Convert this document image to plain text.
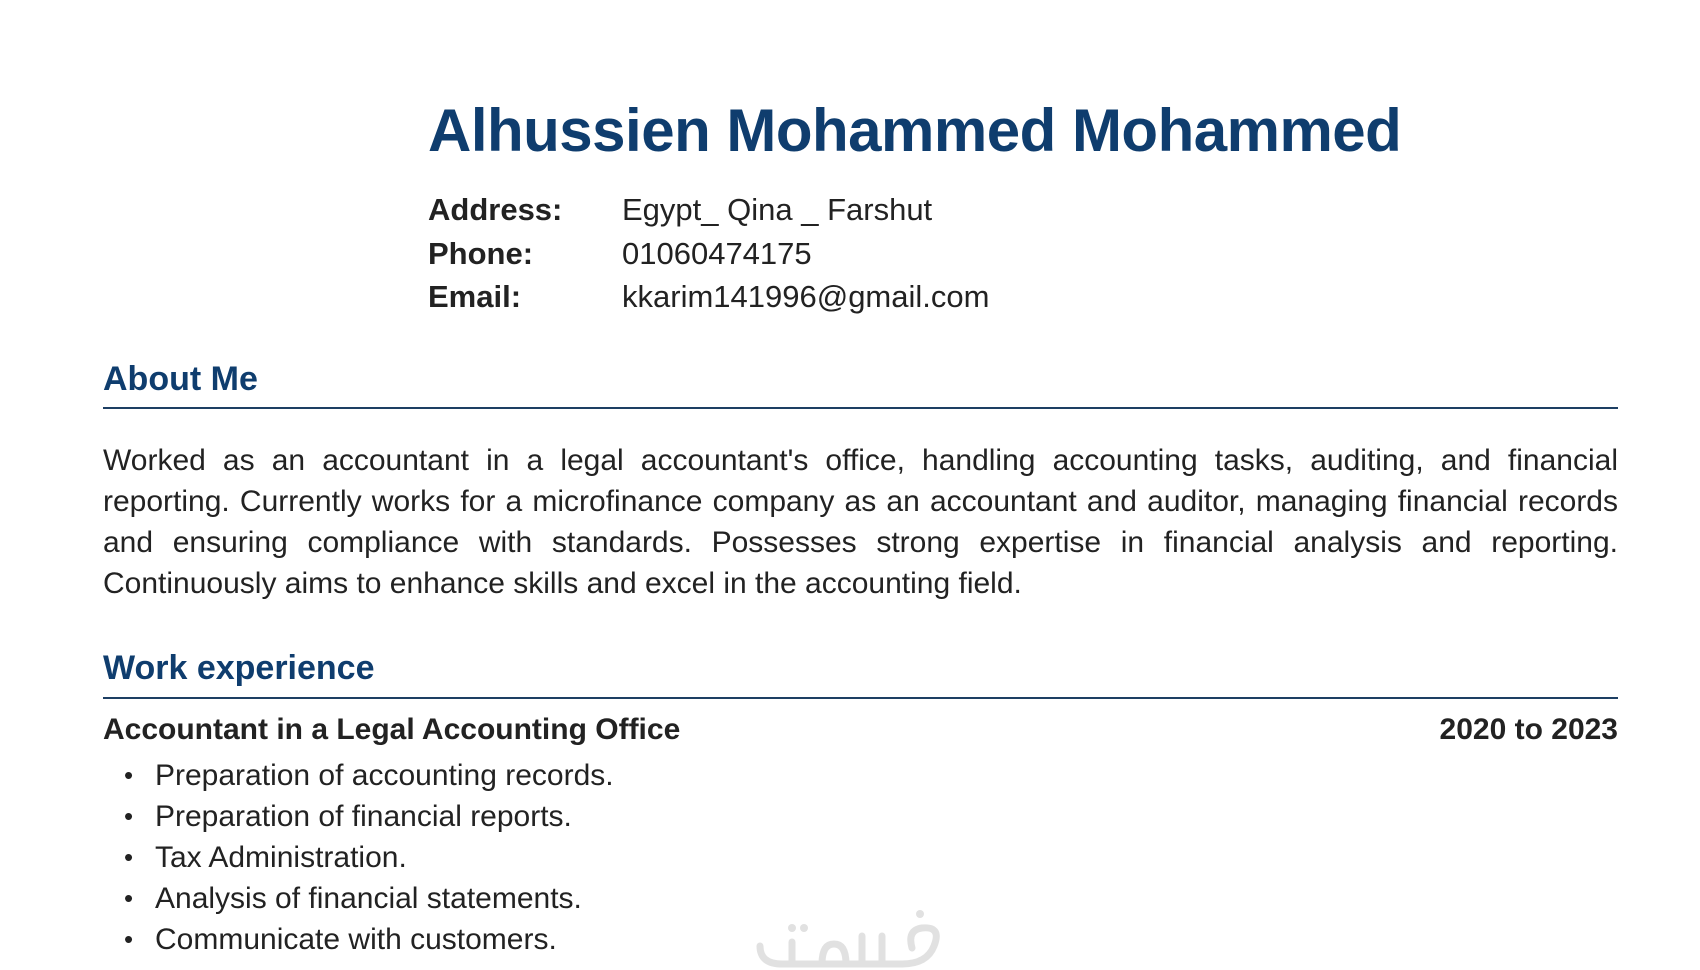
Alhussien Mohammed Mohammed
Address:	Egypt_ Qina _ Farshut
Phone:	01060474175
Email:	kkarim141996@gmail.com
About Me

Worked as an accountant in a legal accountant's office, handling accounting tasks, auditing, and financial reporting. Currently works for a microfinance company as an accountant and auditor, managing financial records and ensuring compliance with standards. Possesses strong expertise in financial analysis and reporting. Continuously aims to enhance skills and excel in the accounting field.

Work experience
Accountant in a Legal Accounting Office	2020 to 2023
• Preparation of accounting records.
• Preparation of financial reports.
• Tax Administration.
• Analysis of financial statements.
• Communicate with customers.
